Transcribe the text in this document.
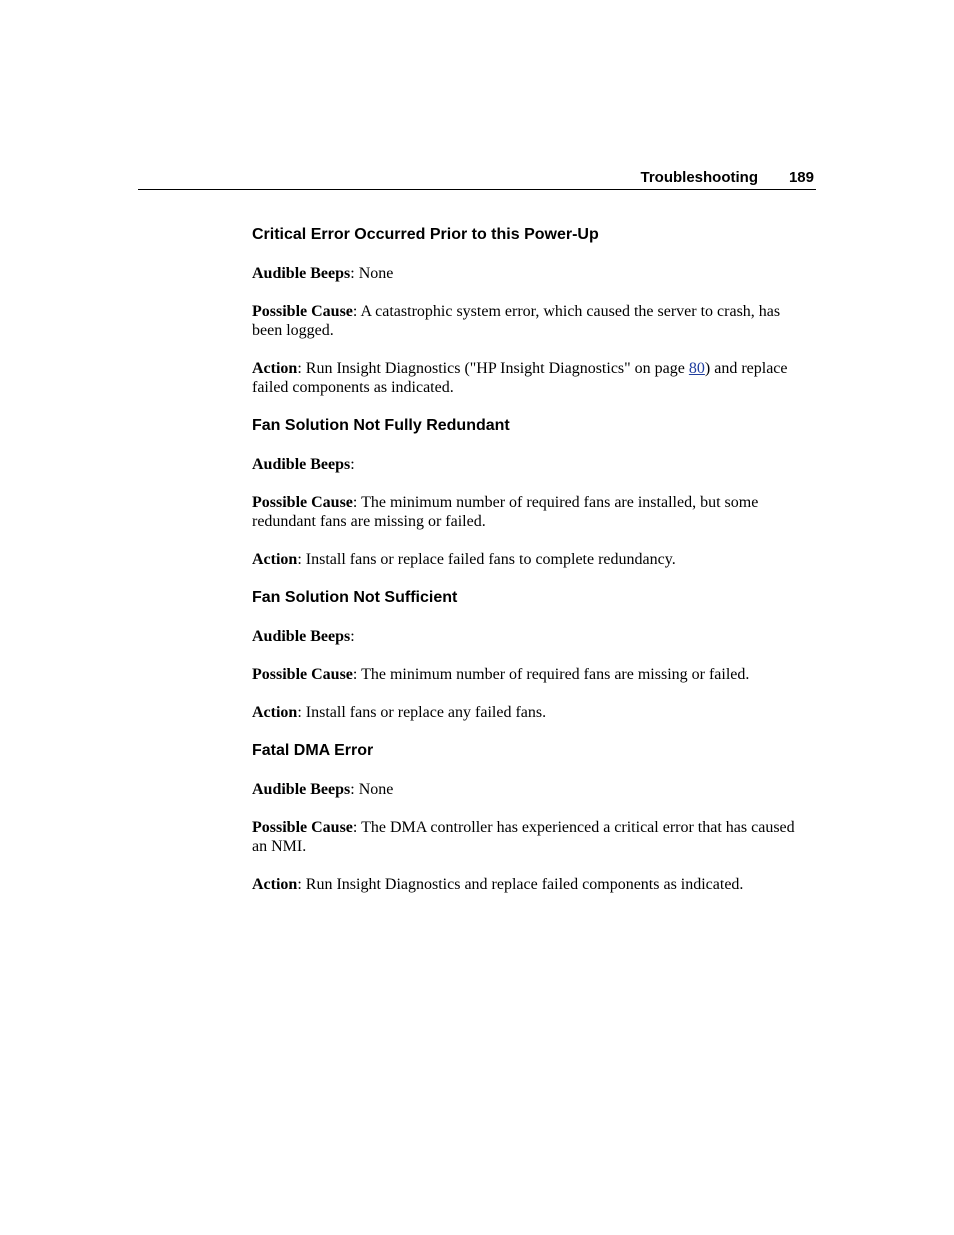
Troubleshooting 189
Critical Error Occurred Prior to this Power-Up

Audible Beeps: None

Possible Cause: A catastrophic system error, which caused the server to crash, has been logged.

Action: Run Insight Diagnostics ("HP Insight Diagnostics" on page 80) and replace failed components as indicated.

Fan Solution Not Fully Redundant

Audible Beeps:

Possible Cause: The minimum number of required fans are installed, but some redundant fans are missing or failed.

Action: Install fans or replace failed fans to complete redundancy.

Fan Solution Not Sufficient

Audible Beeps:

Possible Cause: The minimum number of required fans are missing or failed.

Action: Install fans or replace any failed fans.

Fatal DMA Error

Audible Beeps: None

Possible Cause: The DMA controller has experienced a critical error that has caused an NMI.

Action: Run Insight Diagnostics and replace failed components as indicated.
